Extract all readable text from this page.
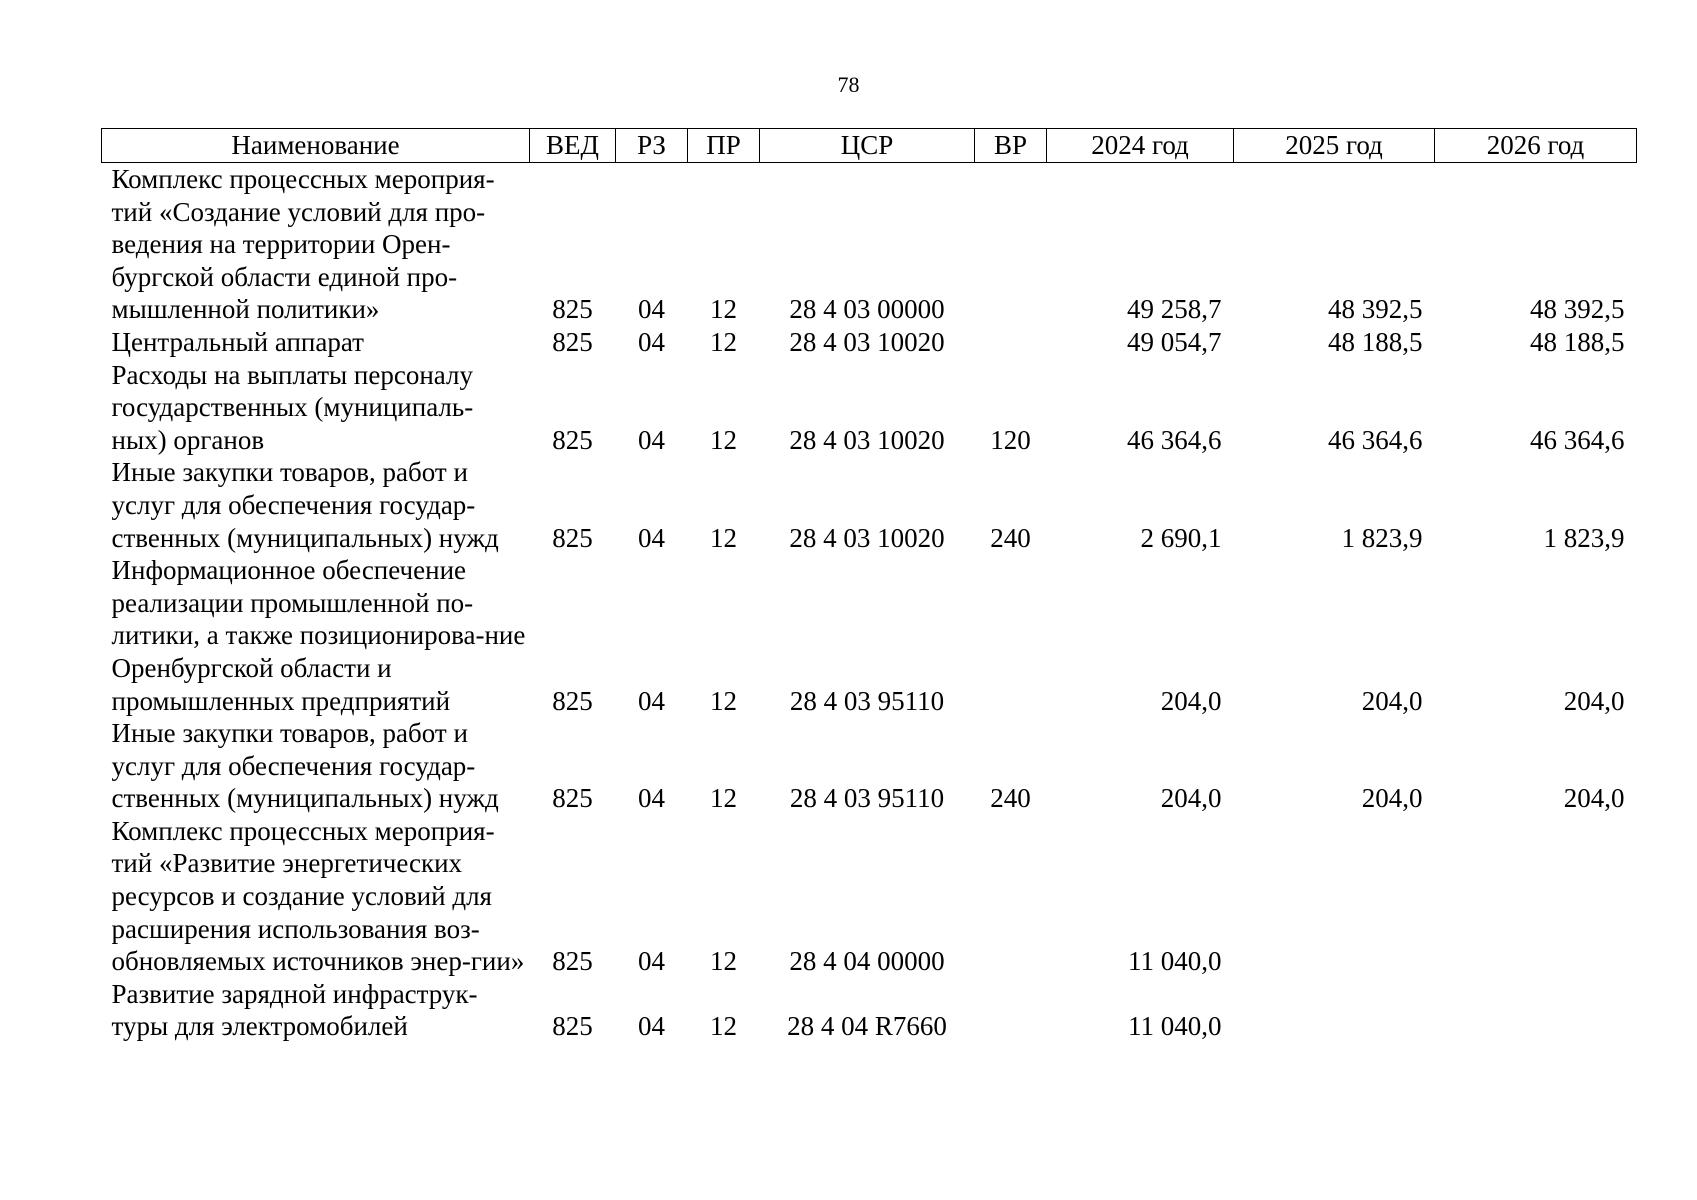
78
Наименование	ВЕД	РЗ	ПР	ЦСР	ВР	2024 год	2025 год	2026 год
Комплекс процессных мероприя-тий «Создание условий для про-ведения на территории Орен-бургской области единой про-мышленной политики»	825	04	12	28 4 03 00000		49 258,7	48 392,5	48 392,5
Центральный аппарат	825	04	12	28 4 03 10020		49 054,7	48 188,5	48 188,5
Расходы на выплаты персоналу государственных (муниципаль-ных) органов	825	04	12	28 4 03 10020	120	46 364,6	46 364,6	46 364,6
Иные закупки товаров, работ и услуг для обеспечения государ-ственных (муниципальных) нужд	825	04	12	28 4 03 10020	240	2 690,1	1 823,9	1 823,9
Информационное обеспечение реализации промышленной по-литики, а также позиционирова-ние Оренбургской области и промышленных предприятий	825	04	12	28 4 03 95110		204,0	204,0	204,0
Иные закупки товаров, работ и услуг для обеспечения государ-ственных (муниципальных) нужд	825	04	12	28 4 03 95110	240	204,0	204,0	204,0
Комплекс процессных мероприя-тий «Развитие энергетических ресурсов и создание условий для расширения использования воз-обновляемых источников энер-гии»	825	04	12	28 4 04 00000		11 040,0		
Развитие зарядной инфраструк-туры для электромобилей	825	04	12	28 4 04 R7660		11 040,0		
